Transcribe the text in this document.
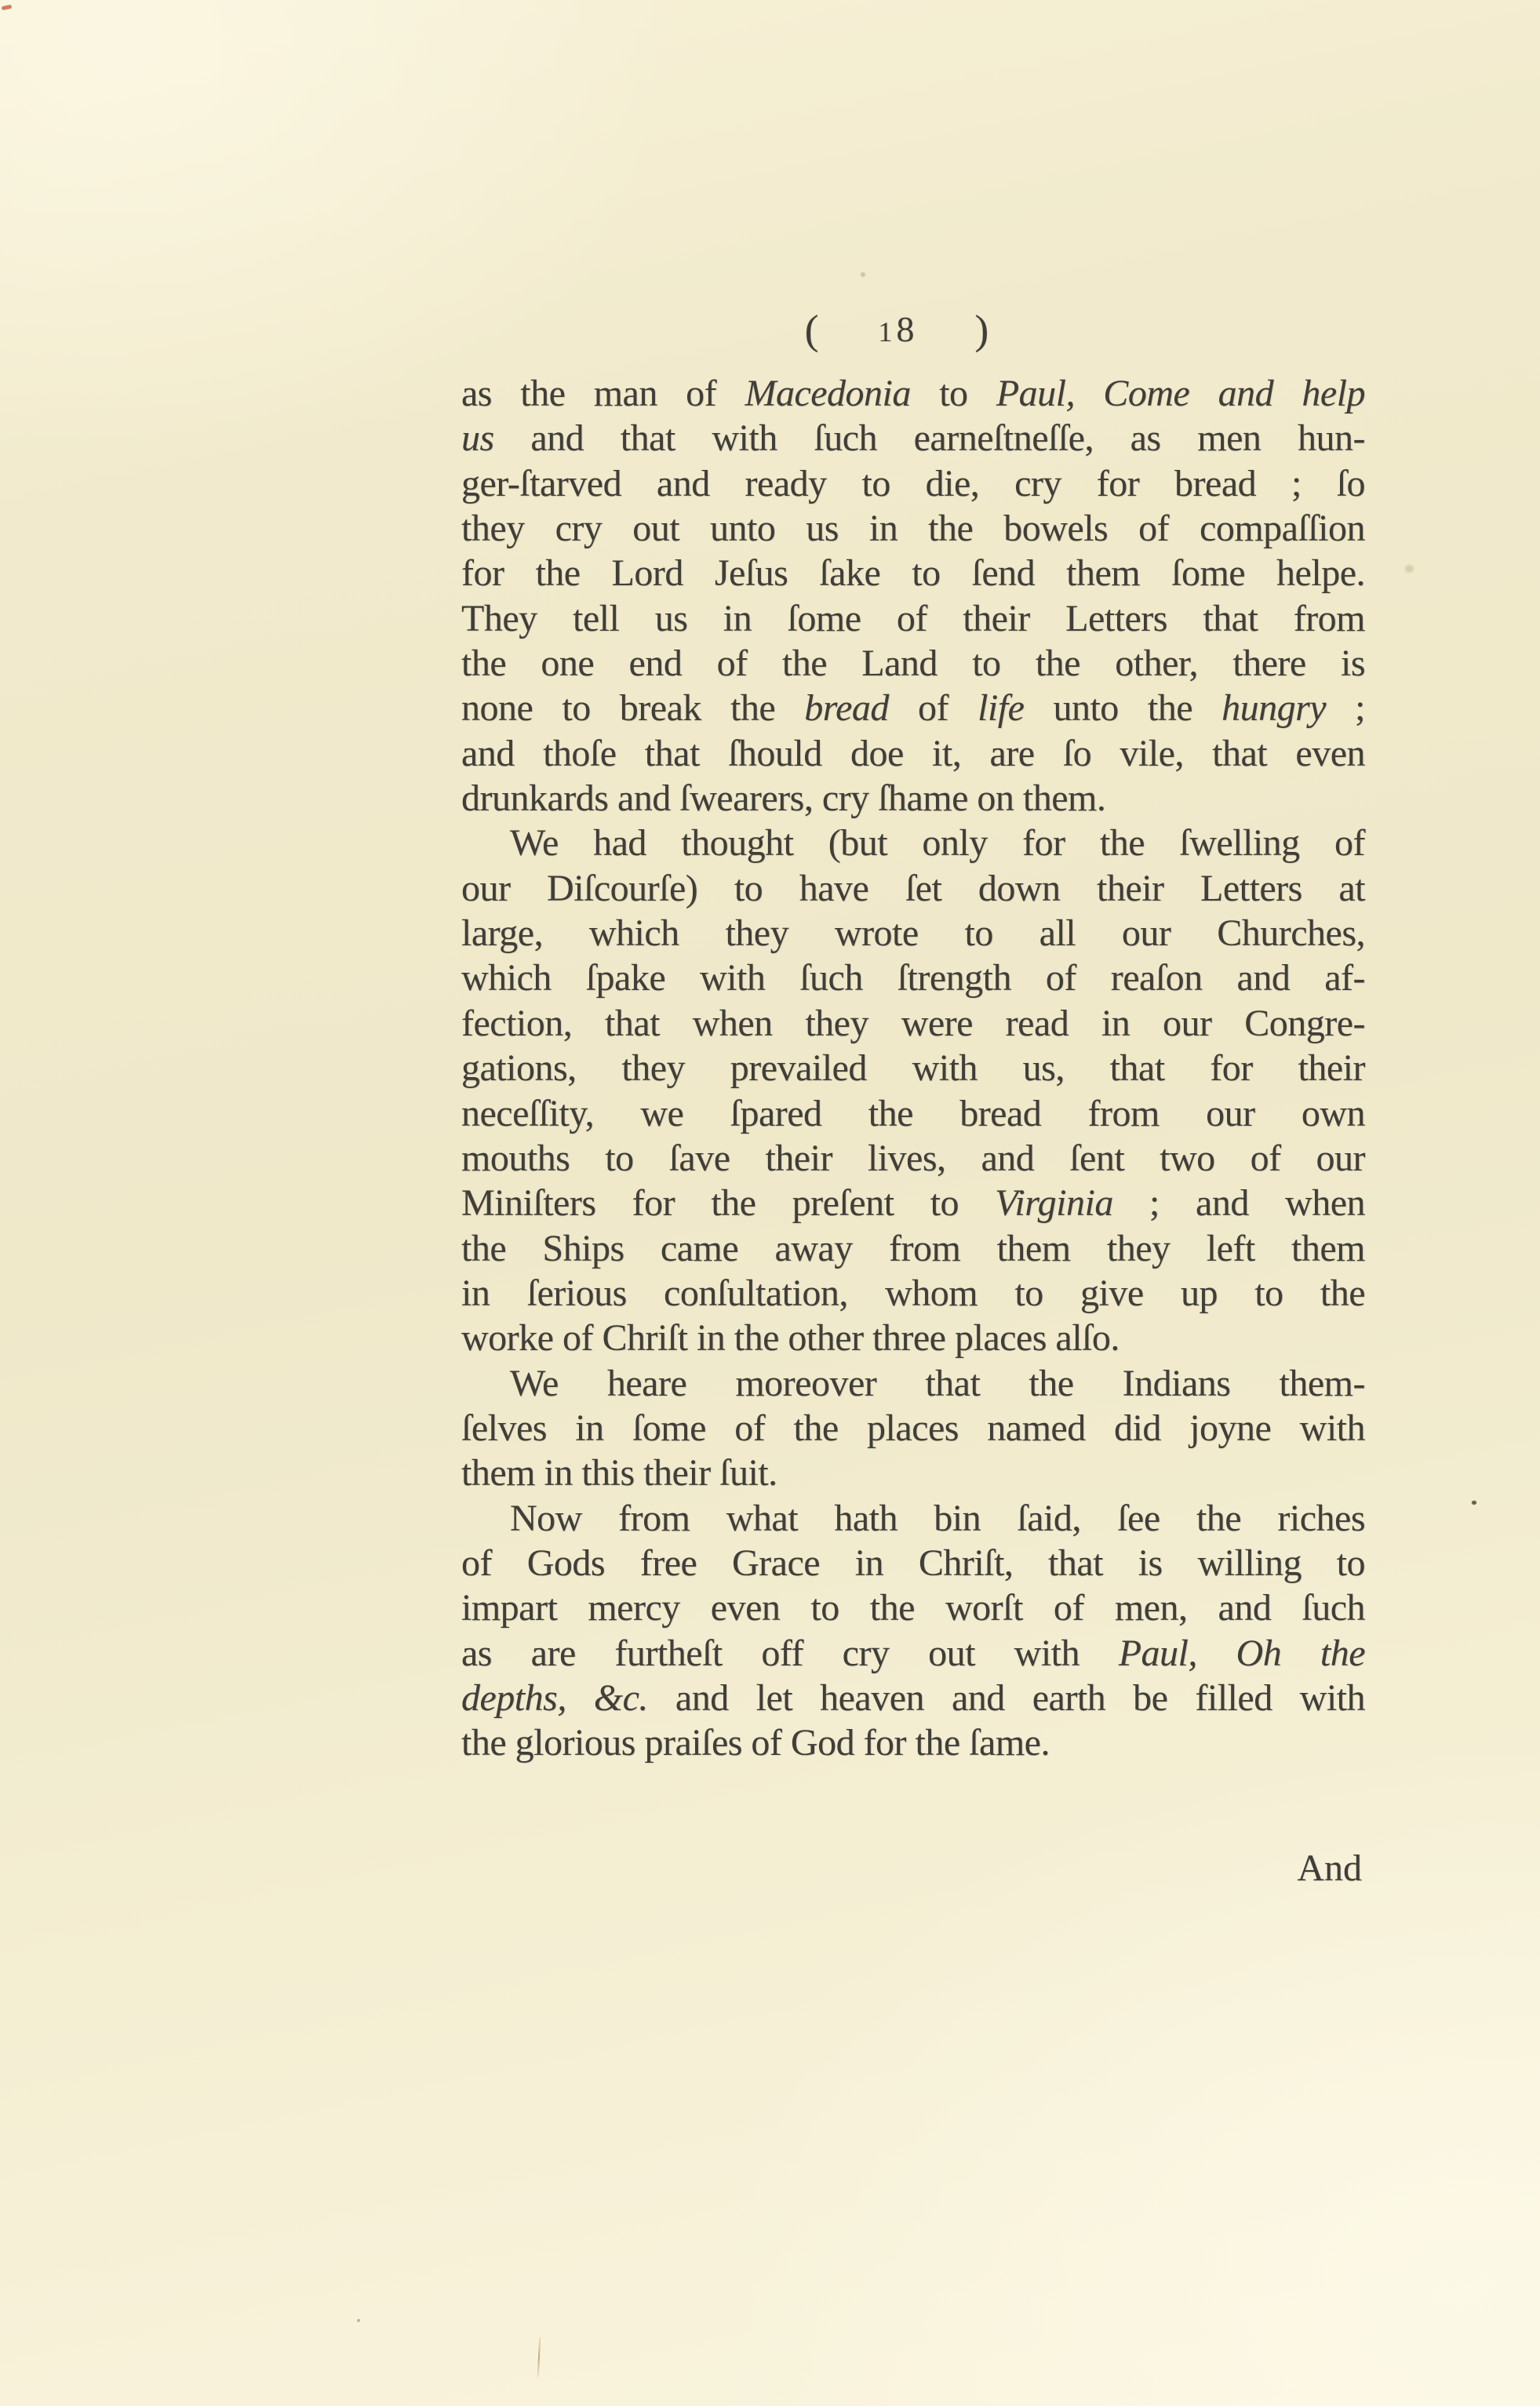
( 18 )
as the man of Macedonia to Paul, Come and help
us and that with ſuch earneſtneſſe, as men hun-
ger-ſtarved and ready to die, cry for bread ; ſo
they cry out unto us in the bowels of compaſſion
for the Lord Jeſus ſake to ſend them ſome helpe.
They tell us in ſome of their Letters that from
the one end of the Land to the other, there is
none to break the bread of life unto the hungry ;
and thoſe that ſhould doe it, are ſo vile, that even
drunkards and ſwearers, cry ſhame on them.
We had thought (but only for the ſwelling of
our Diſcourſe) to have ſet down their Letters at
large, which they wrote to all our Churches,
which ſpake with ſuch ſtrength of reaſon and af-
fection, that when they were read in our Congre-
gations, they prevailed with us, that for their
neceſſity, we ſpared the bread from our own
mouths to ſave their lives, and ſent two of our
Miniſters for the preſent to Virginia ; and when
the Ships came away from them they left them
in ſerious conſultation, whom to give up to the
worke of Chriſt in the other three places alſo.
We heare moreover that the Indians them-
ſelves in ſome of the places named did joyne with
them in this their ſuit.
Now from what hath bin ſaid, ſee the riches
of Gods free Grace in Chriſt, that is willing to
impart mercy even to the worſt of men, and ſuch
as are furtheſt off cry out with Paul, Oh the
depths, &c. and let heaven and earth be filled with
the glorious praiſes of God for the ſame.
And
